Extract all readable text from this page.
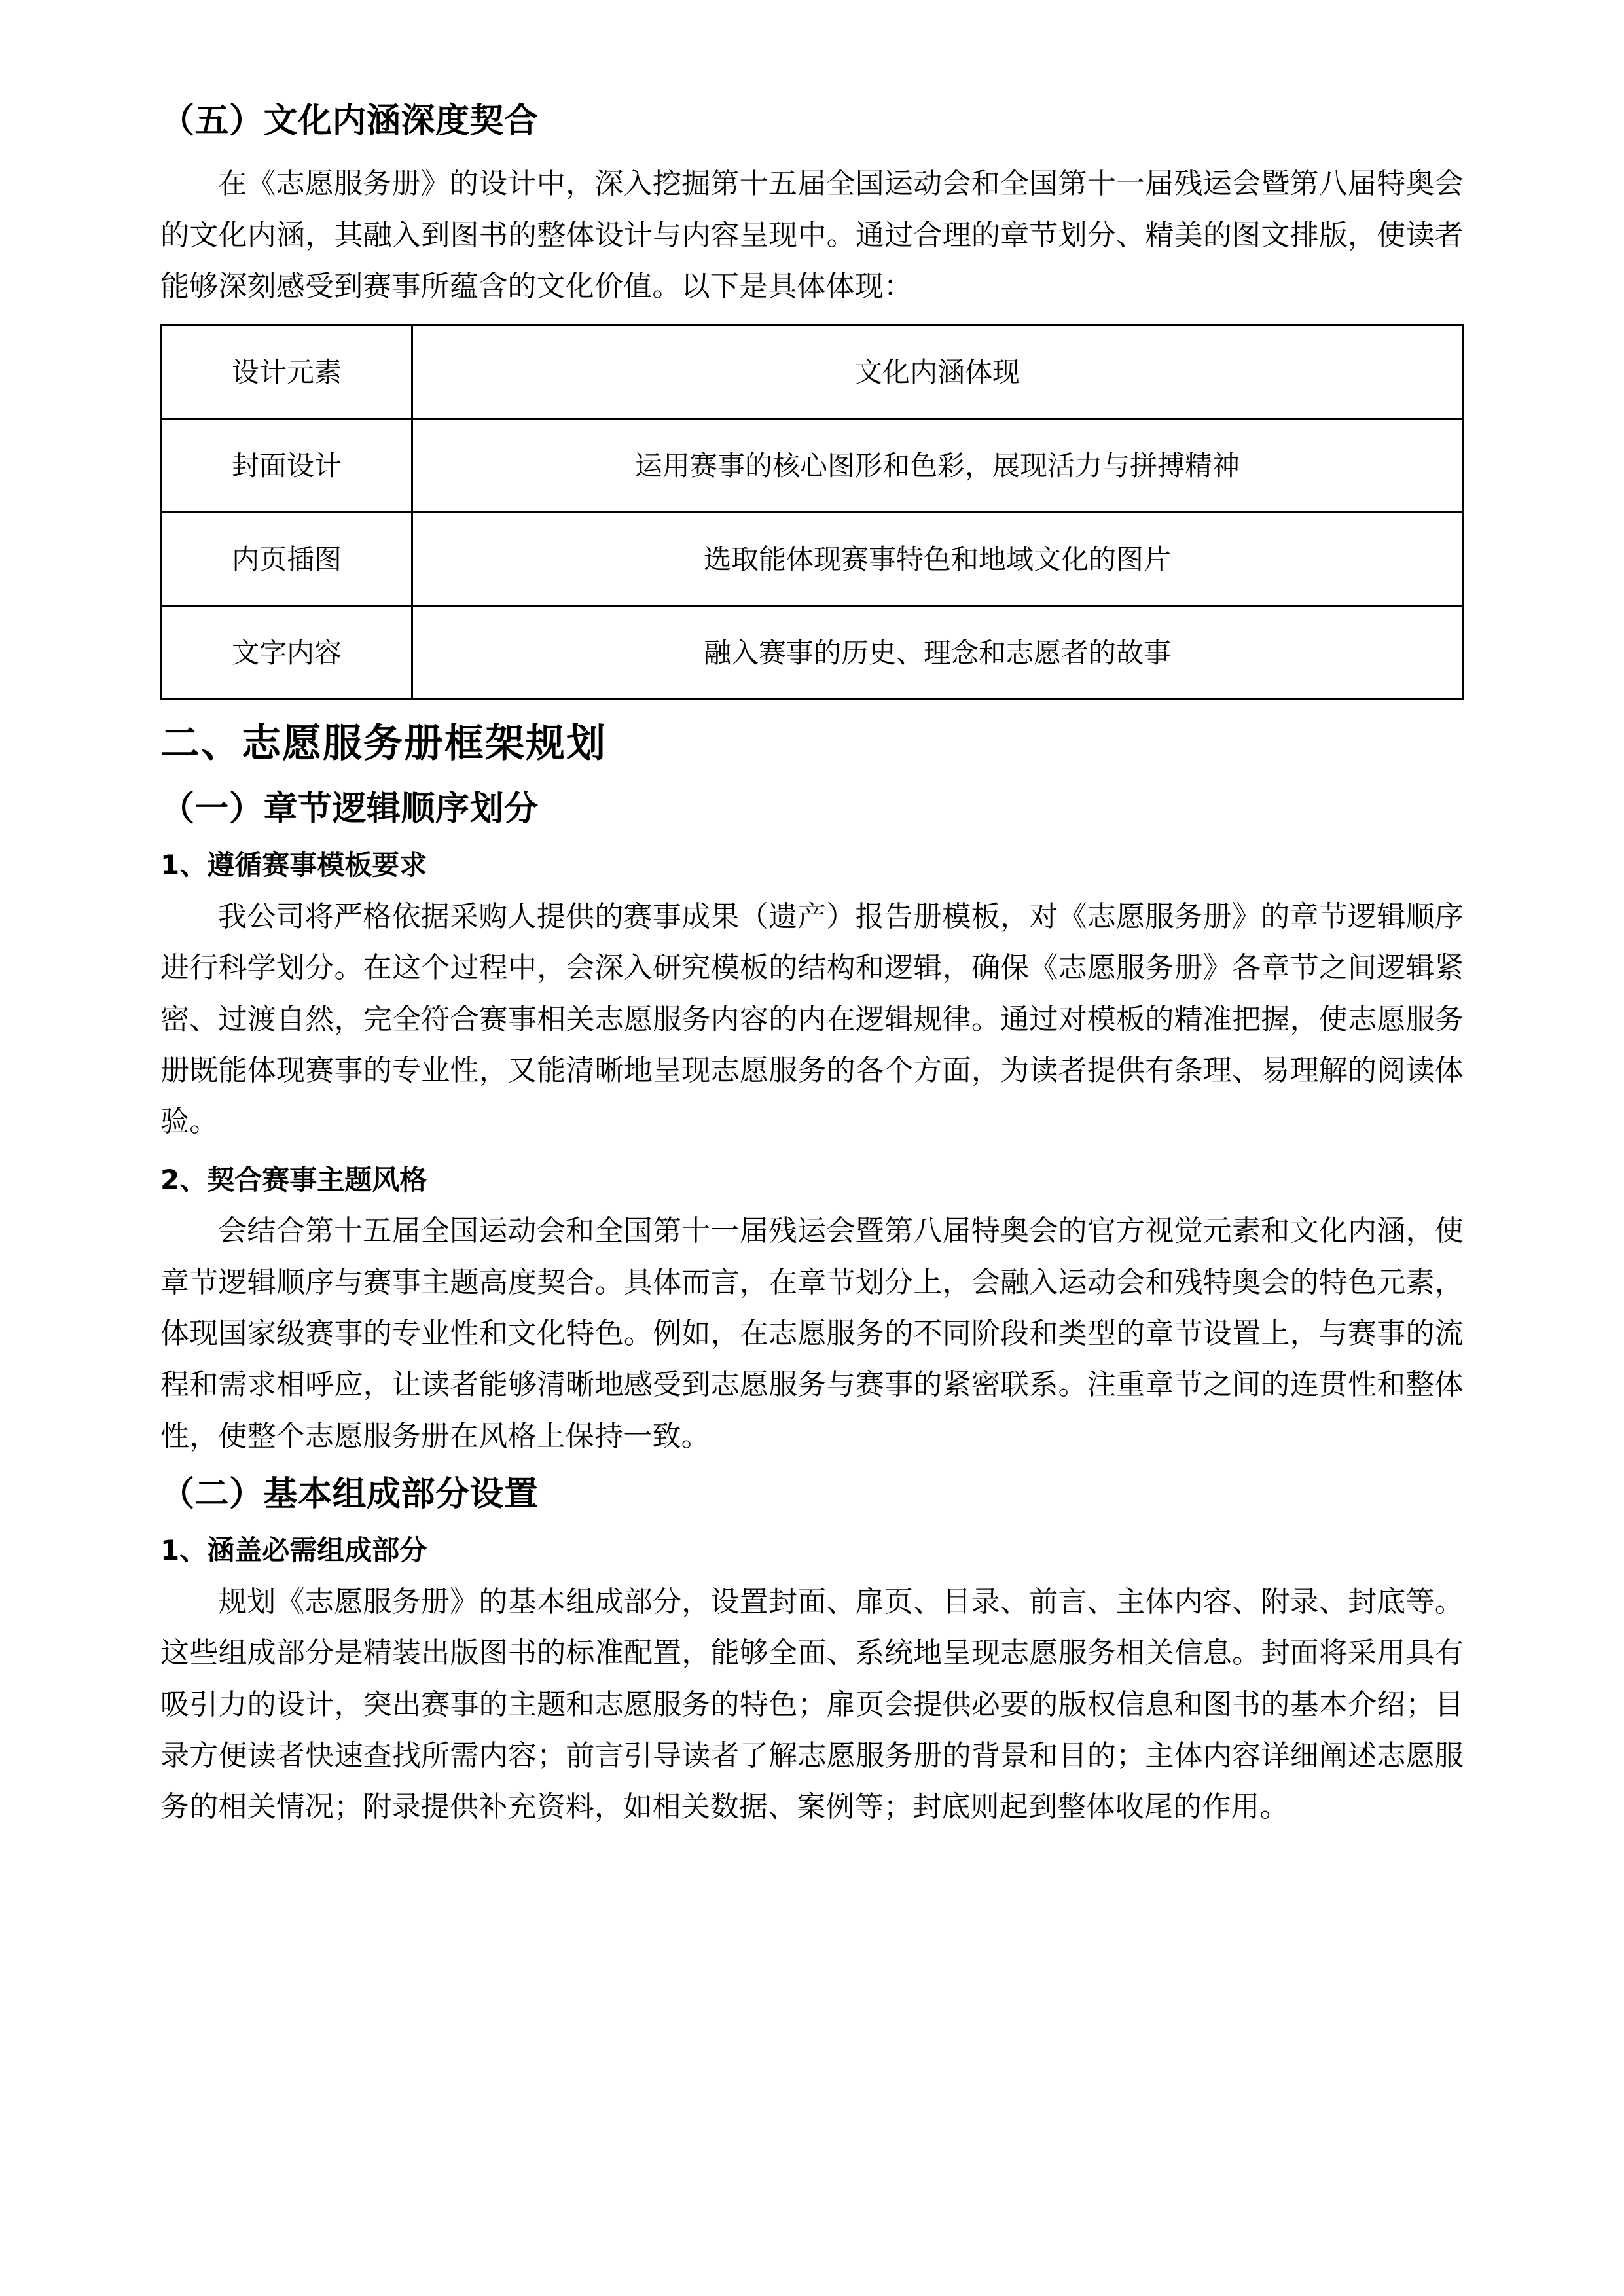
（五）文化内涵深度契合

在《志愿服务册》的设计中，深入挖掘第十五届全国运动会和全国第十一届残运会暨第八届特奥会的文化内涵，其融入到图书的整体设计与内容呈现中。通过合理的章节划分、精美的图文排版，使读者能够深刻感受到赛事所蕴含的文化价值。以下是具体体现：

设计元素	文化内涵体现
封面设计	运用赛事的核心图形和色彩，展现活力与拼搏精神
内页插图	选取能体现赛事特色和地域文化的图片
文字内容	融入赛事的历史、理念和志愿者的故事
二、志愿服务册框架规划
（一）章节逻辑顺序划分
1、遵循赛事模板要求

我公司将严格依据采购人提供的赛事成果（遗产）报告册模板，对《志愿服务册》的章节逻辑顺序进行科学划分。在这个过程中，会深入研究模板的结构和逻辑，确保《志愿服务册》各章节之间逻辑紧密、过渡自然，完全符合赛事相关志愿服务内容的内在逻辑规律。通过对模板的精准把握，使志愿服务册既能体现赛事的专业性，又能清晰地呈现志愿服务的各个方面，为读者提供有条理、易理解的阅读体验。

2、契合赛事主题风格

会结合第十五届全国运动会和全国第十一届残运会暨第八届特奥会的官方视觉元素和文化内涵，使章节逻辑顺序与赛事主题高度契合。具体而言，在章节划分上，会融入运动会和残特奥会的特色元素，体现国家级赛事的专业性和文化特色。例如，在志愿服务的不同阶段和类型的章节设置上，与赛事的流程和需求相呼应，让读者能够清晰地感受到志愿服务与赛事的紧密联系。注重章节之间的连贯性和整体性，使整个志愿服务册在风格上保持一致。

（二）基本组成部分设置
1、涵盖必需组成部分

规划《志愿服务册》的基本组成部分，设置封面、扉页、目录、前言、主体内容、附录、封底等。这些组成部分是精装出版图书的标准配置，能够全面、系统地呈现志愿服务相关信息。封面将采用具有吸引力的设计，突出赛事的主题和志愿服务的特色；扉页会提供必要的版权信息和图书的基本介绍；目录方便读者快速查找所需内容；前言引导读者了解志愿服务册的背景和目的；主体内容详细阐述志愿服务的相关情况；附录提供补充资料，如相关数据、案例等；封底则起到整体收尾的作用。
